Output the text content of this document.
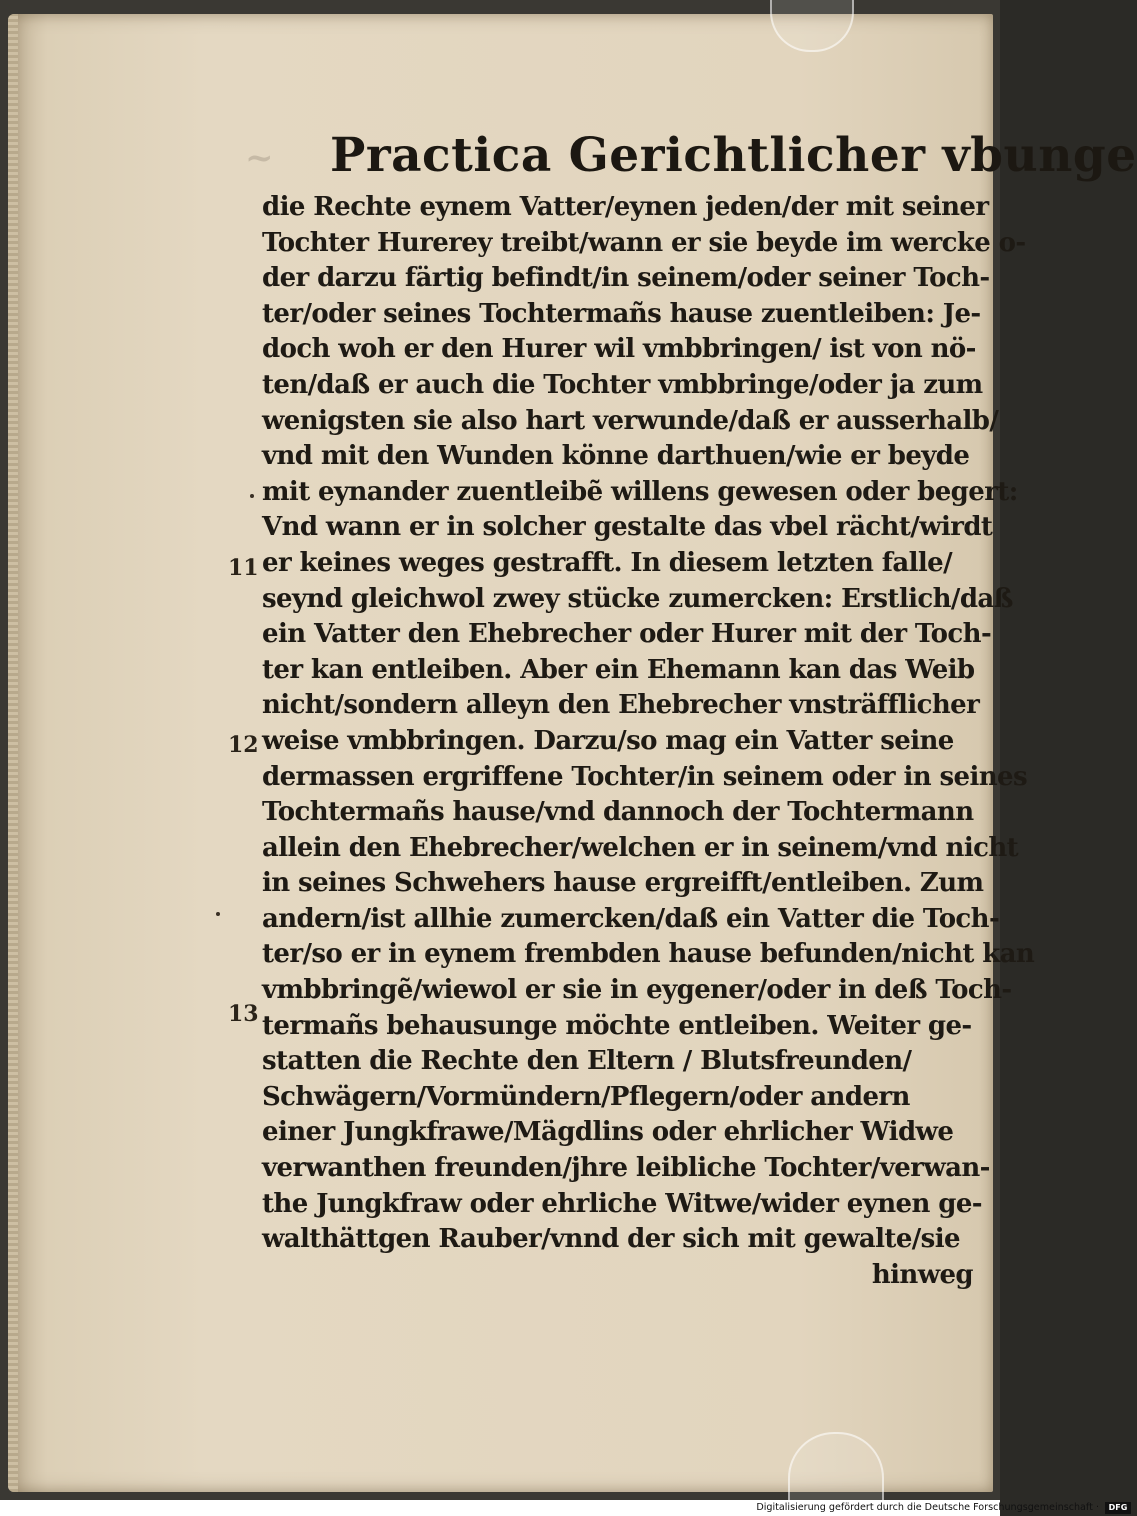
~ Practica Gerichtlicher vbunge
11
12
13
die Rechte eynem Vatter/eynen jeden/der mit seiner
Tochter Hurerey treibt/wann er sie beyde im wercke o-
der darzu färtig befindt/in seinem/oder seiner Toch-
ter/oder seines Tochtermañs hause zuentleiben: Je-
doch woh er den Hurer wil vmbbringen/ ist von nö-
ten/daß er auch die Tochter vmbbringe/oder ja zum
wenigsten sie also hart verwunde/daß er ausserhalb/
vnd mit den Wunden könne darthuen/wie er beyde
mit eynander zuentleibẽ willens gewesen oder begert:
Vnd wann er in solcher gestalte das vbel rächt/wirdt
er keines weges gestrafft. In diesem letzten falle/
seynd gleichwol zwey stücke zumercken: Erstlich/daß
ein Vatter den Ehebrecher oder Hurer mit der Toch-
ter kan entleiben. Aber ein Ehemann kan das Weib
nicht/sondern alleyn den Ehebrecher vnsträfflicher
weise vmbbringen. Darzu/so mag ein Vatter seine
dermassen ergriffene Tochter/in seinem oder in seines
Tochtermañs hause/vnd dannoch der Tochtermann
allein den Ehebrecher/welchen er in seinem/vnd nicht
in seines Schwehers hause ergreifft/entleiben. Zum
andern/ist allhie zumercken/daß ein Vatter die Toch-
ter/so er in eynem frembden hause befunden/nicht kan
vmbbringẽ/wiewol er sie in eygener/oder in deß Toch-
termañs behausunge möchte entleiben. Weiter ge-
statten die Rechte den Eltern / Blutsfreunden/
Schwägern/Vormündern/Pflegern/oder andern
einer Jungkfrawe/Mägdlins oder ehrlicher Widwe
verwanthen freunden/jhre leibliche Tochter/verwan-
the Jungkfraw oder ehrliche Witwe/wider eynen ge-
walthättgen Rauber/vnnd der sich mit gewalte/sie
hinweg
Digitalisierung gefördert durch die Deutsche Forschungsgemeinschaft ·	DFG
